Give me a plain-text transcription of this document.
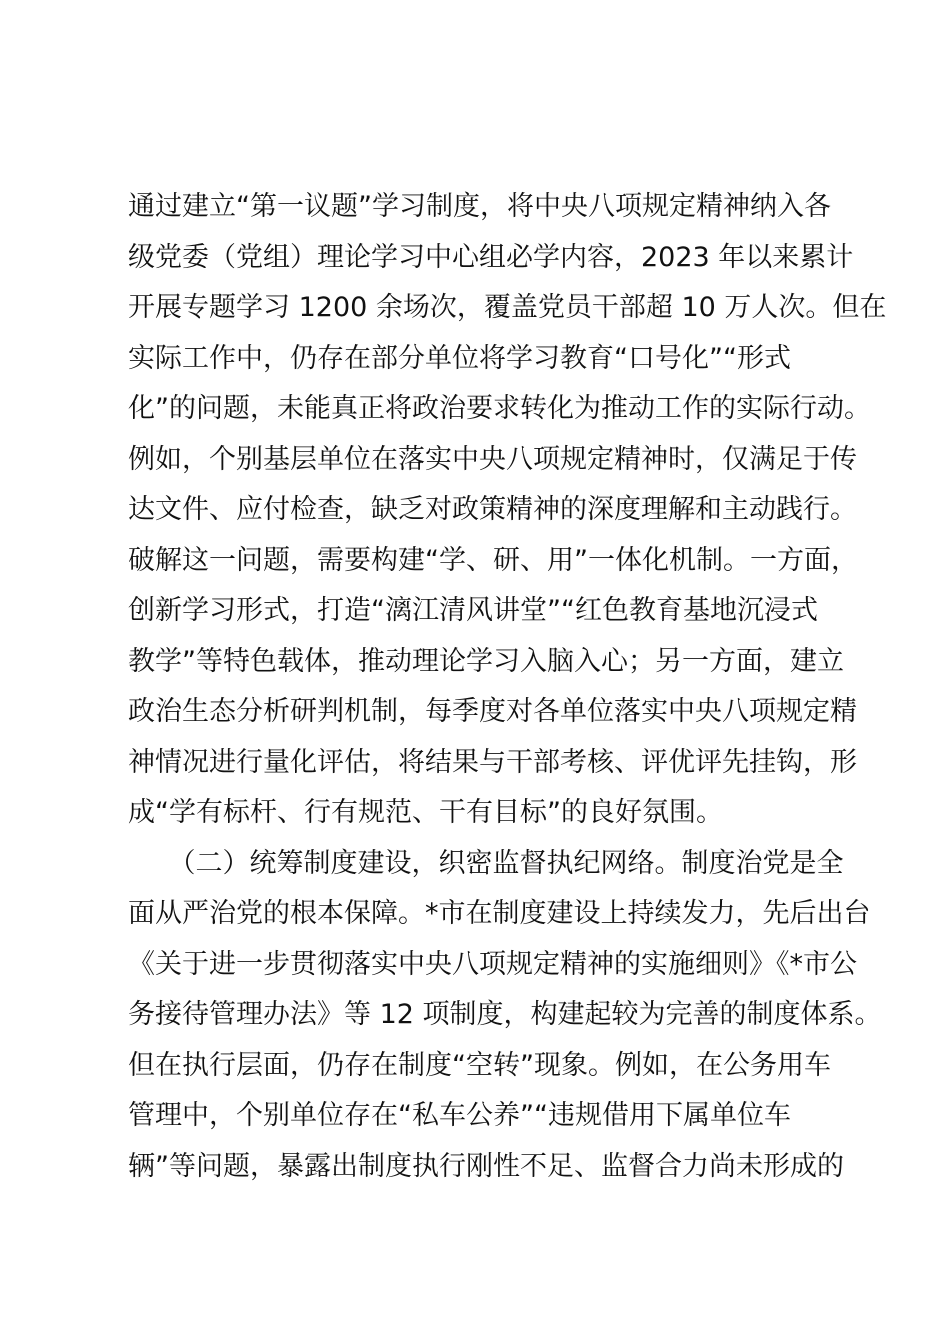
通过建立“第一议题”学习制度，将中央八项规定精神纳入各
级党委（党组）理论学习中心组必学内容，2023 年以来累计
开展专题学习 1200 余场次，覆盖党员干部超 10 万人次。但在
实际工作中，仍存在部分单位将学习教育“口号化”“形式
化”的问题，未能真正将政治要求转化为推动工作的实际行动。
例如，个别基层单位在落实中央八项规定精神时，仅满足于传
达文件、应付检查，缺乏对政策精神的深度理解和主动践行。
破解这一问题，需要构建“学、研、用”一体化机制。一方面，
创新学习形式，打造“漓江清风讲堂”“红色教育基地沉浸式
教学”等特色载体，推动理论学习入脑入心；另一方面，建立
政治生态分析研判机制，每季度对各单位落实中央八项规定精
神情况进行量化评估，将结果与干部考核、评优评先挂钩，形
成“学有标杆、行有规范、干有目标”的良好氛围。
　　（二）统筹制度建设，织密监督执纪网络。制度治党是全
面从严治党的根本保障。*市在制度建设上持续发力，先后出台
《关于进一步贯彻落实中央八项规定精神的实施细则》《*市公
务接待管理办法》等 12 项制度，构建起较为完善的制度体系。
但在执行层面，仍存在制度“空转”现象。例如，在公务用车
管理中，个别单位存在“私车公养”“违规借用下属单位车
辆”等问题，暴露出制度执行刚性不足、监督合力尚未形成的
